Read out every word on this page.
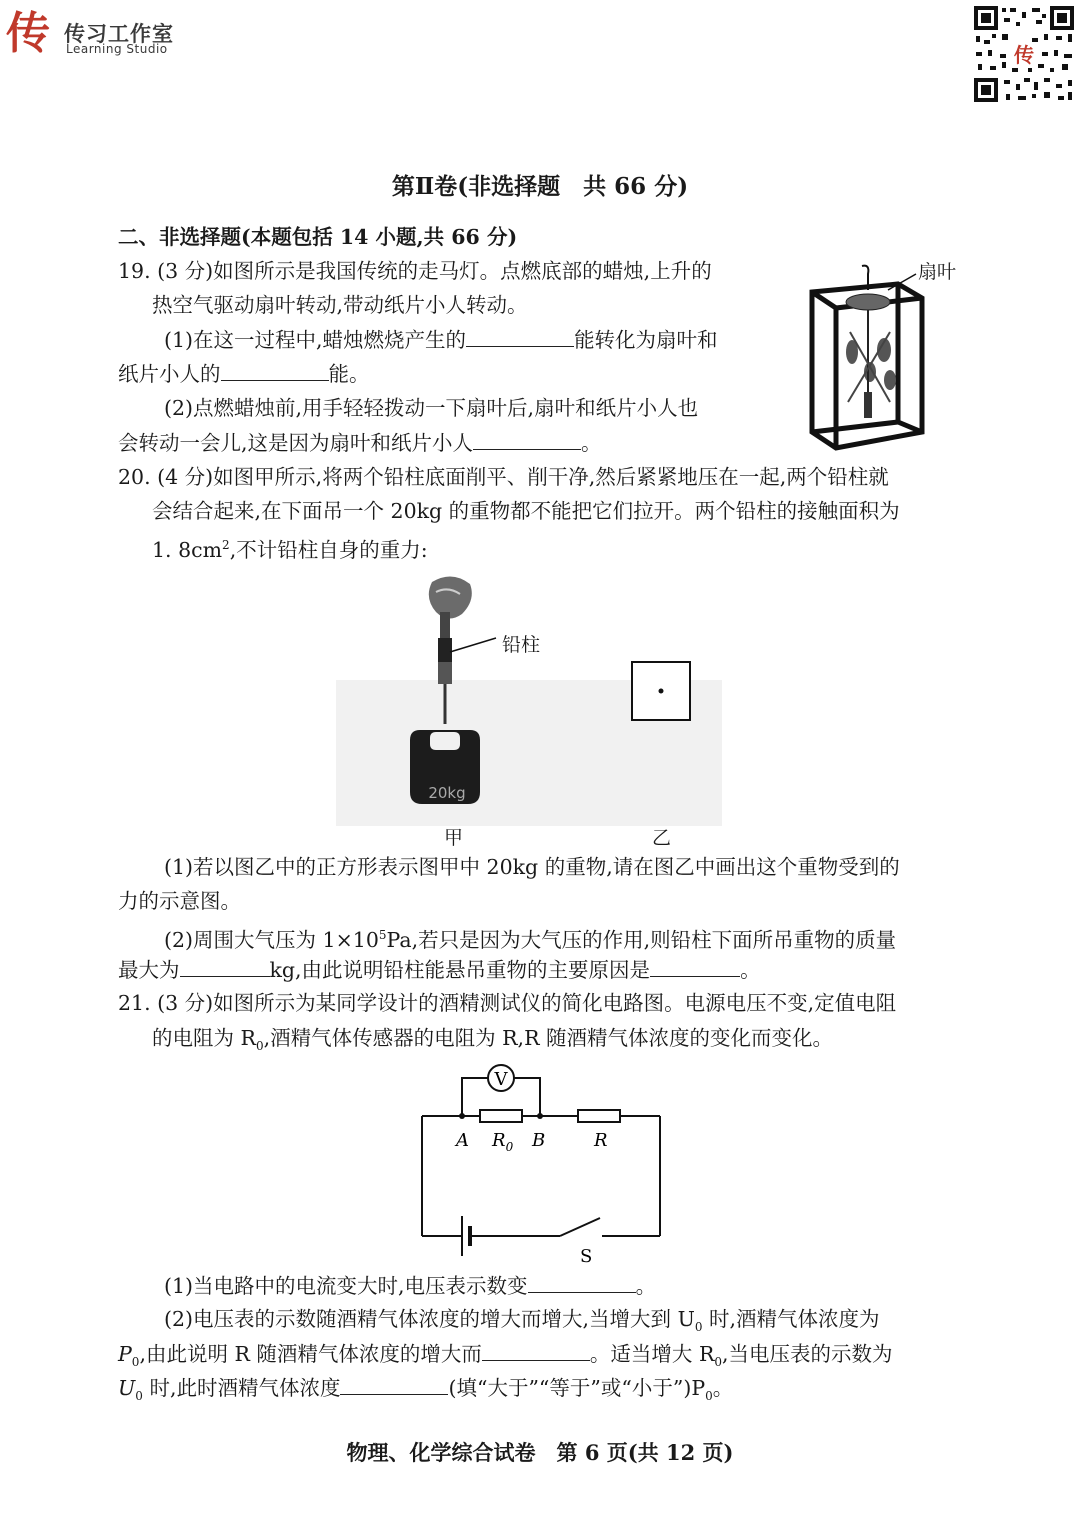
传 传习工作室
Learning Studio	传
第Ⅱ卷(非选择题　共 66 分)
二、非选择题(本题包括 14 小题,共 66 分)
19. (3 分)如图所示是我国传统的走马灯。点燃底部的蜡烛,上升的
热空气驱动扇叶转动,带动纸片小人转动。
(1)在这一过程中,蜡烛燃烧产生的	能转化为扇叶和
纸片小人的	能。
(2)点燃蜡烛前,用手轻轻拨动一下扇叶后,扇叶和纸片小人也
会转动一会儿,这是因为扇叶和纸片小人	。
扇叶
20. (4 分)如图甲所示,将两个铅柱底面削平、削干净,然后紧紧地压在一起,两个铅柱就
会结合起来,在下面吊一个 20kg 的重物都不能把它们拉开。两个铅柱的接触面积为
1. $8cm^2$,不计铅柱自身的重力:
20kg
铅柱
甲	乙
(1)若以图乙中的正方形表示图甲中 20kg 的重物,请在图乙中画出这个重物受到的
力的示意图。
(2)周围大气压为 $1\times 10^5Pa$,若只是因为大气压的作用,则铅柱下面所吊重物的质量
最大为	kg,由此说明铅柱能悬吊重物的主要原因是	。
21. (3 分)如图所示为某同学设计的酒精测试仪的简化电路图。电源电压不变,定值电阻
的电阻为 $R_0$,酒精气体传感器的电阻为 R,R 随酒精气体浓度的变化而变化。
V
A $R_0$ B	R
S
(1)当电路中的电流变大时,电压表示数变	。
(2)电压表的示数随酒精气体浓度的增大而增大,当增大到 $U_0$ 时,酒精气体浓度为
$P_0$,由此说明 R 随酒精气体浓度的增大而	。适当增大 $R_0$,当电压表的示数为
$U_0$ 时,此时酒精气体浓度	(填“大于”“等于”或“小于$”)P_0$。
物理、化学综合试卷　第 6 页(共 12 页)
